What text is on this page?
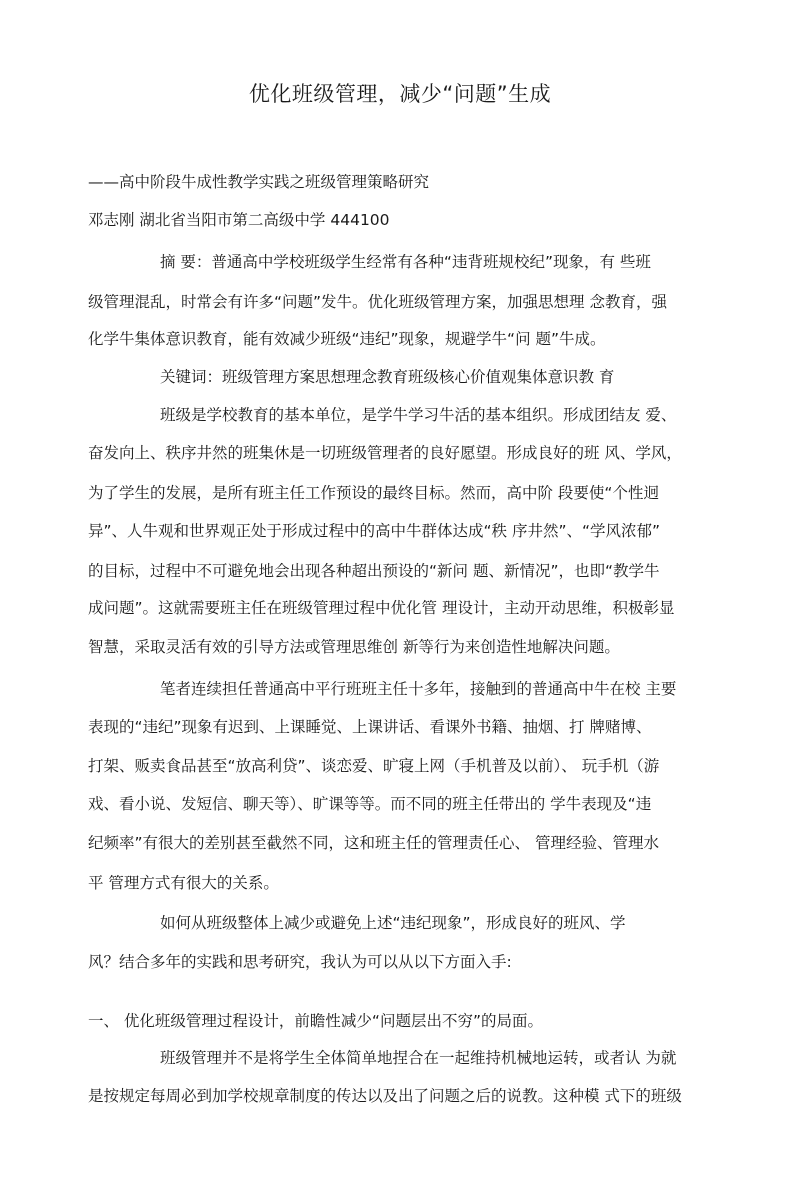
优化班级管理，减少“问题”生成

——高中阶段牛成性教学实践之班级管理策略研究

邓志刚 湖北省当阳市第二高级中学 444100

摘 要：普通高中学校班级学生经常有各种“违背班规校纪”现象，有 些班

级管理混乱，时常会有许多“问题”发牛。优化班级管理方案，加强思想理 念教育，强

化学牛集体意识教育，能有效减少班级“违纪”现象，规避学牛“问 题”牛成。

关键词：班级管理方案思想理念教育班级核心价值观集体意识教 育

班级是学校教育的基本单位，是学牛学习牛活的基本组织。形成团结友 爱、

奋发向上、秩序井然的班集休是一切班级管理者的良好愿望。形成良好的班 风、学风，

为了学生的发展，是所有班主任工作预设的最终目标。然而，高中阶 段要使“个性迥

异”、人牛观和世界观正处于形成过程中的高中牛群体达成“秩 序井然”、“学风浓郁”

的目标，过程中不可避免地会出现各种超出预设的“新问 题、新情况”，也即“教学牛

成问题”。这就需要班主任在班级管理过程中优化管 理设计，主动开动思维，积极彰显

智慧，采取灵活有效的引导方法或管理思维创 新等行为来创造性地解决问题。

笔者连续担任普通高中平行班班主任十多年，接触到的普通高中牛在校 主要

表现的“违纪”现象有迟到、上课睡觉、上课讲话、看课外书籍、抽烟、打 牌赌博、

打架、贩卖食品甚至“放高利贷”、谈恋爱、旷寝上网（手机普及以前）、 玩手机（游

戏、看小说、发短信、聊天等）、旷课等等。而不同的班主任带出的 学牛表现及“违

纪频率”有很大的差别甚至截然不同，这和班主任的管理责任心、 管理经验、管理水

平 管理方式有很大的关系。

如何从班级整体上减少或避免上述“违纪现象”，形成良好的班风、学

风？结合多年的实践和思考研究，我认为可以从以下方面入手:

一、 优化班级管理过程设计，前瞻性减少“问题层出不穷”的局面。

班级管理并不是将学生全体简单地捏合在一起维持机械地运转，或者认 为就

是按规定每周必到加学校规章制度的传达以及出了问题之后的说教。这种模 式下的班级
